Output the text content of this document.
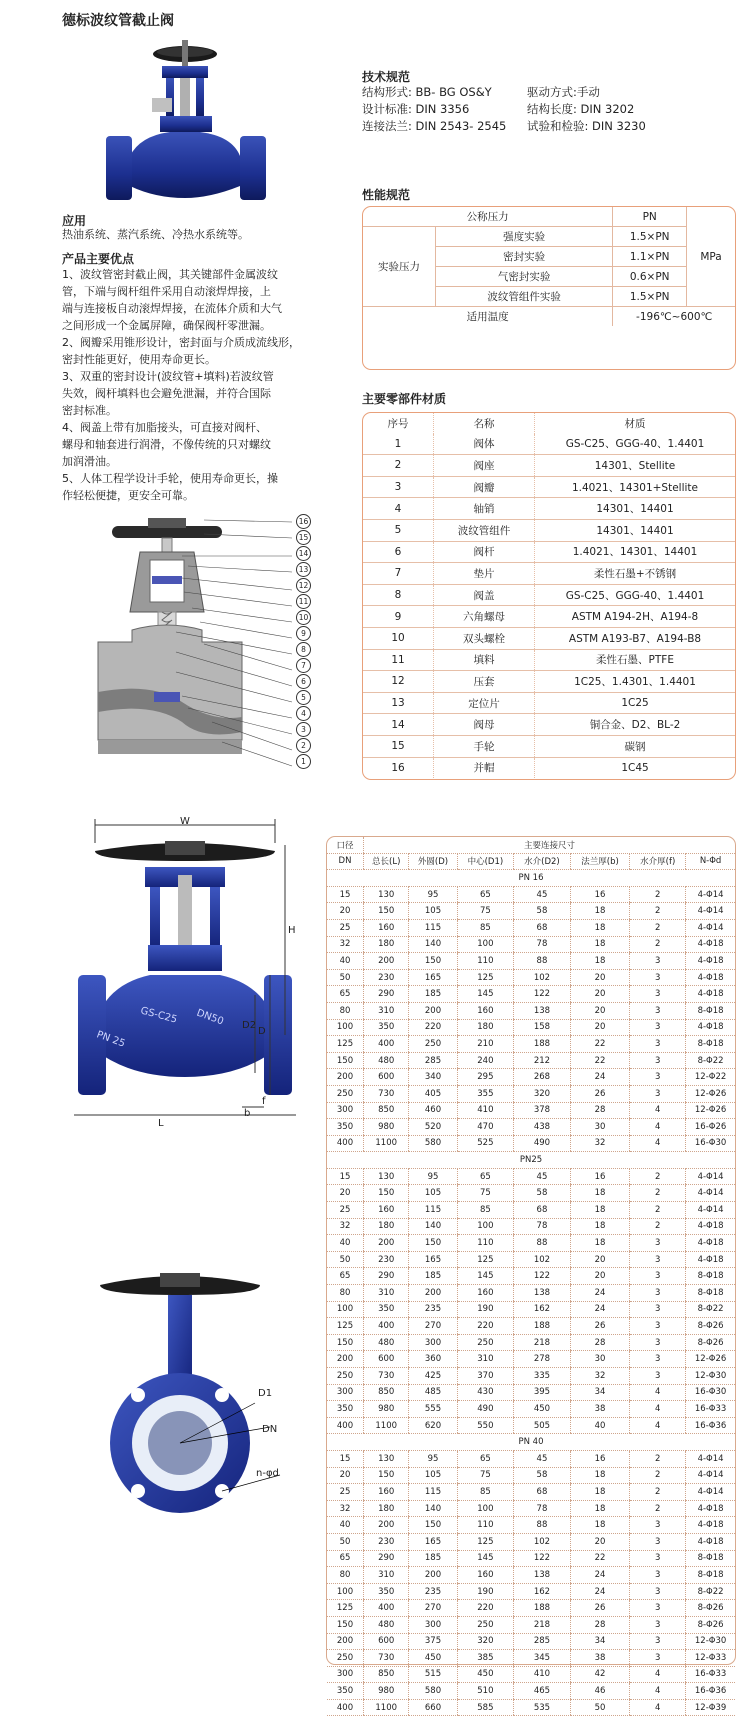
德标波纹管截止阀
应用
热油系统、蒸汽系统、冷热水系统等。
产品主要优点
1、波纹管密封截止阀，其关键部件金属波纹
管，下端与阀杆组件采用自动滚焊焊接，上
端与连接板自动滚焊焊接，在流体介质和大气
之间形成一个金属屏障，确保阀杆零泄漏。
2、阀瓣采用锥形设计，密封面与介质成流线形，
密封性能更好，使用寿命更长。
3、双重的密封设计(波纹管+填料)若波纹管
失效，阀杆填料也会避免泄漏，并符合国际
密封标准。
4、阀盖上带有加脂接头，可直接对阀杆、
螺母和轴套进行润滑，不像传统的只对螺纹
加润滑油。
5、人体工程学设计手轮，使用寿命更长，操
作轻松便捷，更安全可靠。
16
15
14
13
12
11
10
9
8
7
6
5
4
3
2
1
W
H
L
D2
D
b
f
GS-C25 DN50
PN 25
D1
DN
n-φd
技术规范
结构形式: BB- BG OS&Y	驱动方式:手动
设计标准: DIN 3356	结构长度: DIN 3202
连接法兰: DIN 2543- 2545	试验和检验: DIN 3230
性能规范
公称压力		PN	MPa
实验压力	强度实验	1.5×PN	
	密封实验	1.1×PN	
	气密封实验	0.6×PN	
	波纹管组件实验	1.5×PN	
适用温度		-196℃~600℃	
主要零部件材质
序号	名称	材质
1	阀体	GS-C25、GGG-40、1.4401
2	阀座	14301、Stellite
3	阀瓣	1.4021、14301+Stellite
4	轴销	14301、14401
5	波纹管组件	14301、14401
6	阀杆	1.4021、14301、14401
7	垫片	柔性石墨+不锈钢
8	阀盖	GS-C25、GGG-40、1.4401
9	六角螺母	ASTM A194-2H、A194-8
10	双头螺栓	ASTM A193-B7、A194-B8
11	填料	柔性石墨、PTFE
12	压套	1C25、1.4301、1.4401
13	定位片	1C25
14	阀母	铜合金、D2、BL-2
15	手轮	碳钢
16	并帽	1C45
口径	主要连接尺寸						
DN	总长(L)	外圆(D)	中心(D1)	水介(D2)	法兰厚(b)	水介厚(f)	N-Φd
PN 16							
15	130	95	65	45	16	2	4-Φ14
20	150	105	75	58	18	2	4-Φ14
25	160	115	85	68	18	2	4-Φ14
32	180	140	100	78	18	2	4-Φ18
40	200	150	110	88	18	3	4-Φ18
50	230	165	125	102	20	3	4-Φ18
65	290	185	145	122	20	3	4-Φ18
80	310	200	160	138	20	3	8-Φ18
100	350	220	180	158	20	3	4-Φ18
125	400	250	210	188	22	3	8-Φ18
150	480	285	240	212	22	3	8-Φ22
200	600	340	295	268	24	3	12-Φ22
250	730	405	355	320	26	3	12-Φ26
300	850	460	410	378	28	4	12-Φ26
350	980	520	470	438	30	4	16-Φ26
400	1100	580	525	490	32	4	16-Φ30
PN25							
15	130	95	65	45	16	2	4-Φ14
20	150	105	75	58	18	2	4-Φ14
25	160	115	85	68	18	2	4-Φ14
32	180	140	100	78	18	2	4-Φ18
40	200	150	110	88	18	3	4-Φ18
50	230	165	125	102	20	3	4-Φ18
65	290	185	145	122	20	3	8-Φ18
80	310	200	160	138	24	3	8-Φ18
100	350	235	190	162	24	3	8-Φ22
125	400	270	220	188	26	3	8-Φ26
150	480	300	250	218	28	3	8-Φ26
200	600	360	310	278	30	3	12-Φ26
250	730	425	370	335	32	3	12-Φ30
300	850	485	430	395	34	4	16-Φ30
350	980	555	490	450	38	4	16-Φ33
400	1100	620	550	505	40	4	16-Φ36
PN 40							
15	130	95	65	45	16	2	4-Φ14
20	150	105	75	58	18	2	4-Φ14
25	160	115	85	68	18	2	4-Φ14
32	180	140	100	78	18	2	4-Φ18
40	200	150	110	88	18	3	4-Φ18
50	230	165	125	102	20	3	4-Φ18
65	290	185	145	122	22	3	8-Φ18
80	310	200	160	138	24	3	8-Φ18
100	350	235	190	162	24	3	8-Φ22
125	400	270	220	188	26	3	8-Φ26
150	480	300	250	218	28	3	8-Φ26
200	600	375	320	285	34	3	12-Φ30
250	730	450	385	345	38	3	12-Φ33
300	850	515	450	410	42	4	16-Φ33
350	980	580	510	465	46	4	16-Φ36
400	1100	660	585	535	50	4	12-Φ39
